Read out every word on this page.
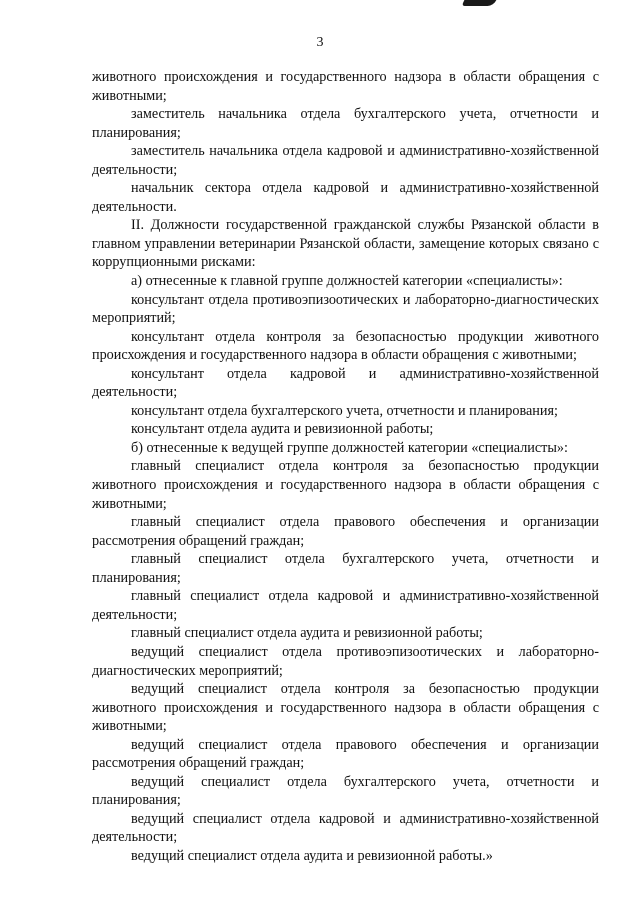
3

животного происхождения и государственного надзора в области обращения с животными;

заместитель начальника отдела бухгалтерского учета, отчетности и планирования;

заместитель начальника отдела кадровой и административно-хозяйственной деятельности;

начальник сектора отдела кадровой и административно-хозяйственной деятельности.

II. Должности государственной гражданской службы Рязанской области в главном управлении ветеринарии Рязанской области, замещение которых связано с коррупционными рисками:

а) отнесенные к главной группе должностей категории «специалисты»:

консультант отдела противоэпизоотических и лабораторно-диагностических мероприятий;

консультант отдела контроля за безопасностью продукции животного происхождения и государственного надзора в области обращения с животными;

консультант отдела кадровой и административно-хозяйственной деятельности;

консультант отдела бухгалтерского учета, отчетности и планирования;

консультант отдела аудита и ревизионной работы;

б) отнесенные к ведущей группе должностей категории «специалисты»:

главный специалист отдела контроля за безопасностью продукции животного происхождения и государственного надзора в области обращения с животными;

главный специалист отдела правового обеспечения и организации рассмотрения обращений граждан;

главный специалист отдела бухгалтерского учета, отчетности и планирования;

главный специалист отдела кадровой и административно-хозяйственной деятельности;

главный специалист отдела аудита и ревизионной работы;

ведущий специалист отдела противоэпизоотических и лабораторно-диагностических мероприятий;

ведущий специалист отдела контроля за безопасностью продукции животного происхождения и государственного надзора в области обращения с животными;

ведущий специалист отдела правового обеспечения и организации рассмотрения обращений граждан;

ведущий специалист отдела бухгалтерского учета, отчетности и планирования;

ведущий специалист отдела кадровой и административно-хозяйственной деятельности;

ведущий специалист отдела аудита и ревизионной работы.»
